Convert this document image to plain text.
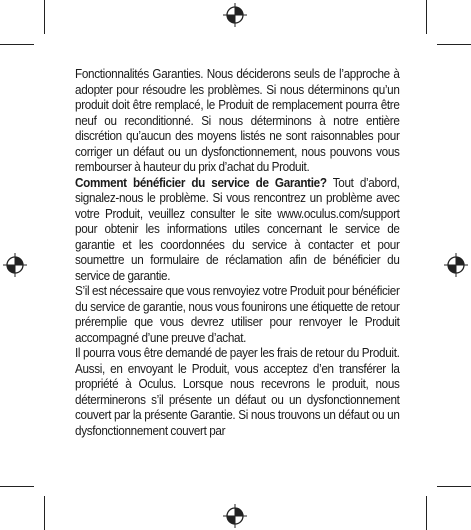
Fonctionnalités Garanties. Nous déciderons seuls de l’approche à adopter pour résoudre les problèmes. Si nous déterminons qu’un produit doit être remplacé, le Produit de remplacement pourra être neuf ou reconditionné. Si nous déterminons à notre entière discrétion qu’aucun des moyens listés ne sont raisonnables pour corriger un défaut ou un dysfonctionnement, nous pouvons vous rembourser à hauteur du prix d’achat du Produit.

Comment bénéficier du service de Garantie? Tout d’abord, signalez-nous le problème. Si vous rencontrez un problème avec votre Produit, veuillez consulter le site www.oculus.com/support pour obtenir les informations utiles concernant le service de garantie et les coordonnées du service à contacter et pour soumettre un formulaire de réclamation afin de bénéficier du service de garantie.

S’il est nécessaire que vous renvoyiez votre Produit pour bénéficier du service de garantie, nous vous founirons une étiquette de retour préremplie que vous devrez utiliser pour renvoyer le Produit accompagné d’une preuve d’achat.

Il pourra vous être demandé de payer les frais de retour du Produit. Aussi, en envoyant le Produit, vous acceptez d’en transférer la propriété à Oculus. Lorsque nous recevrons le produit, nous déterminerons s’il présente un défaut ou un dysfonctionnement couvert par la présente Garantie. Si nous trouvons un défaut ou un dysfonctionnement couvert par
